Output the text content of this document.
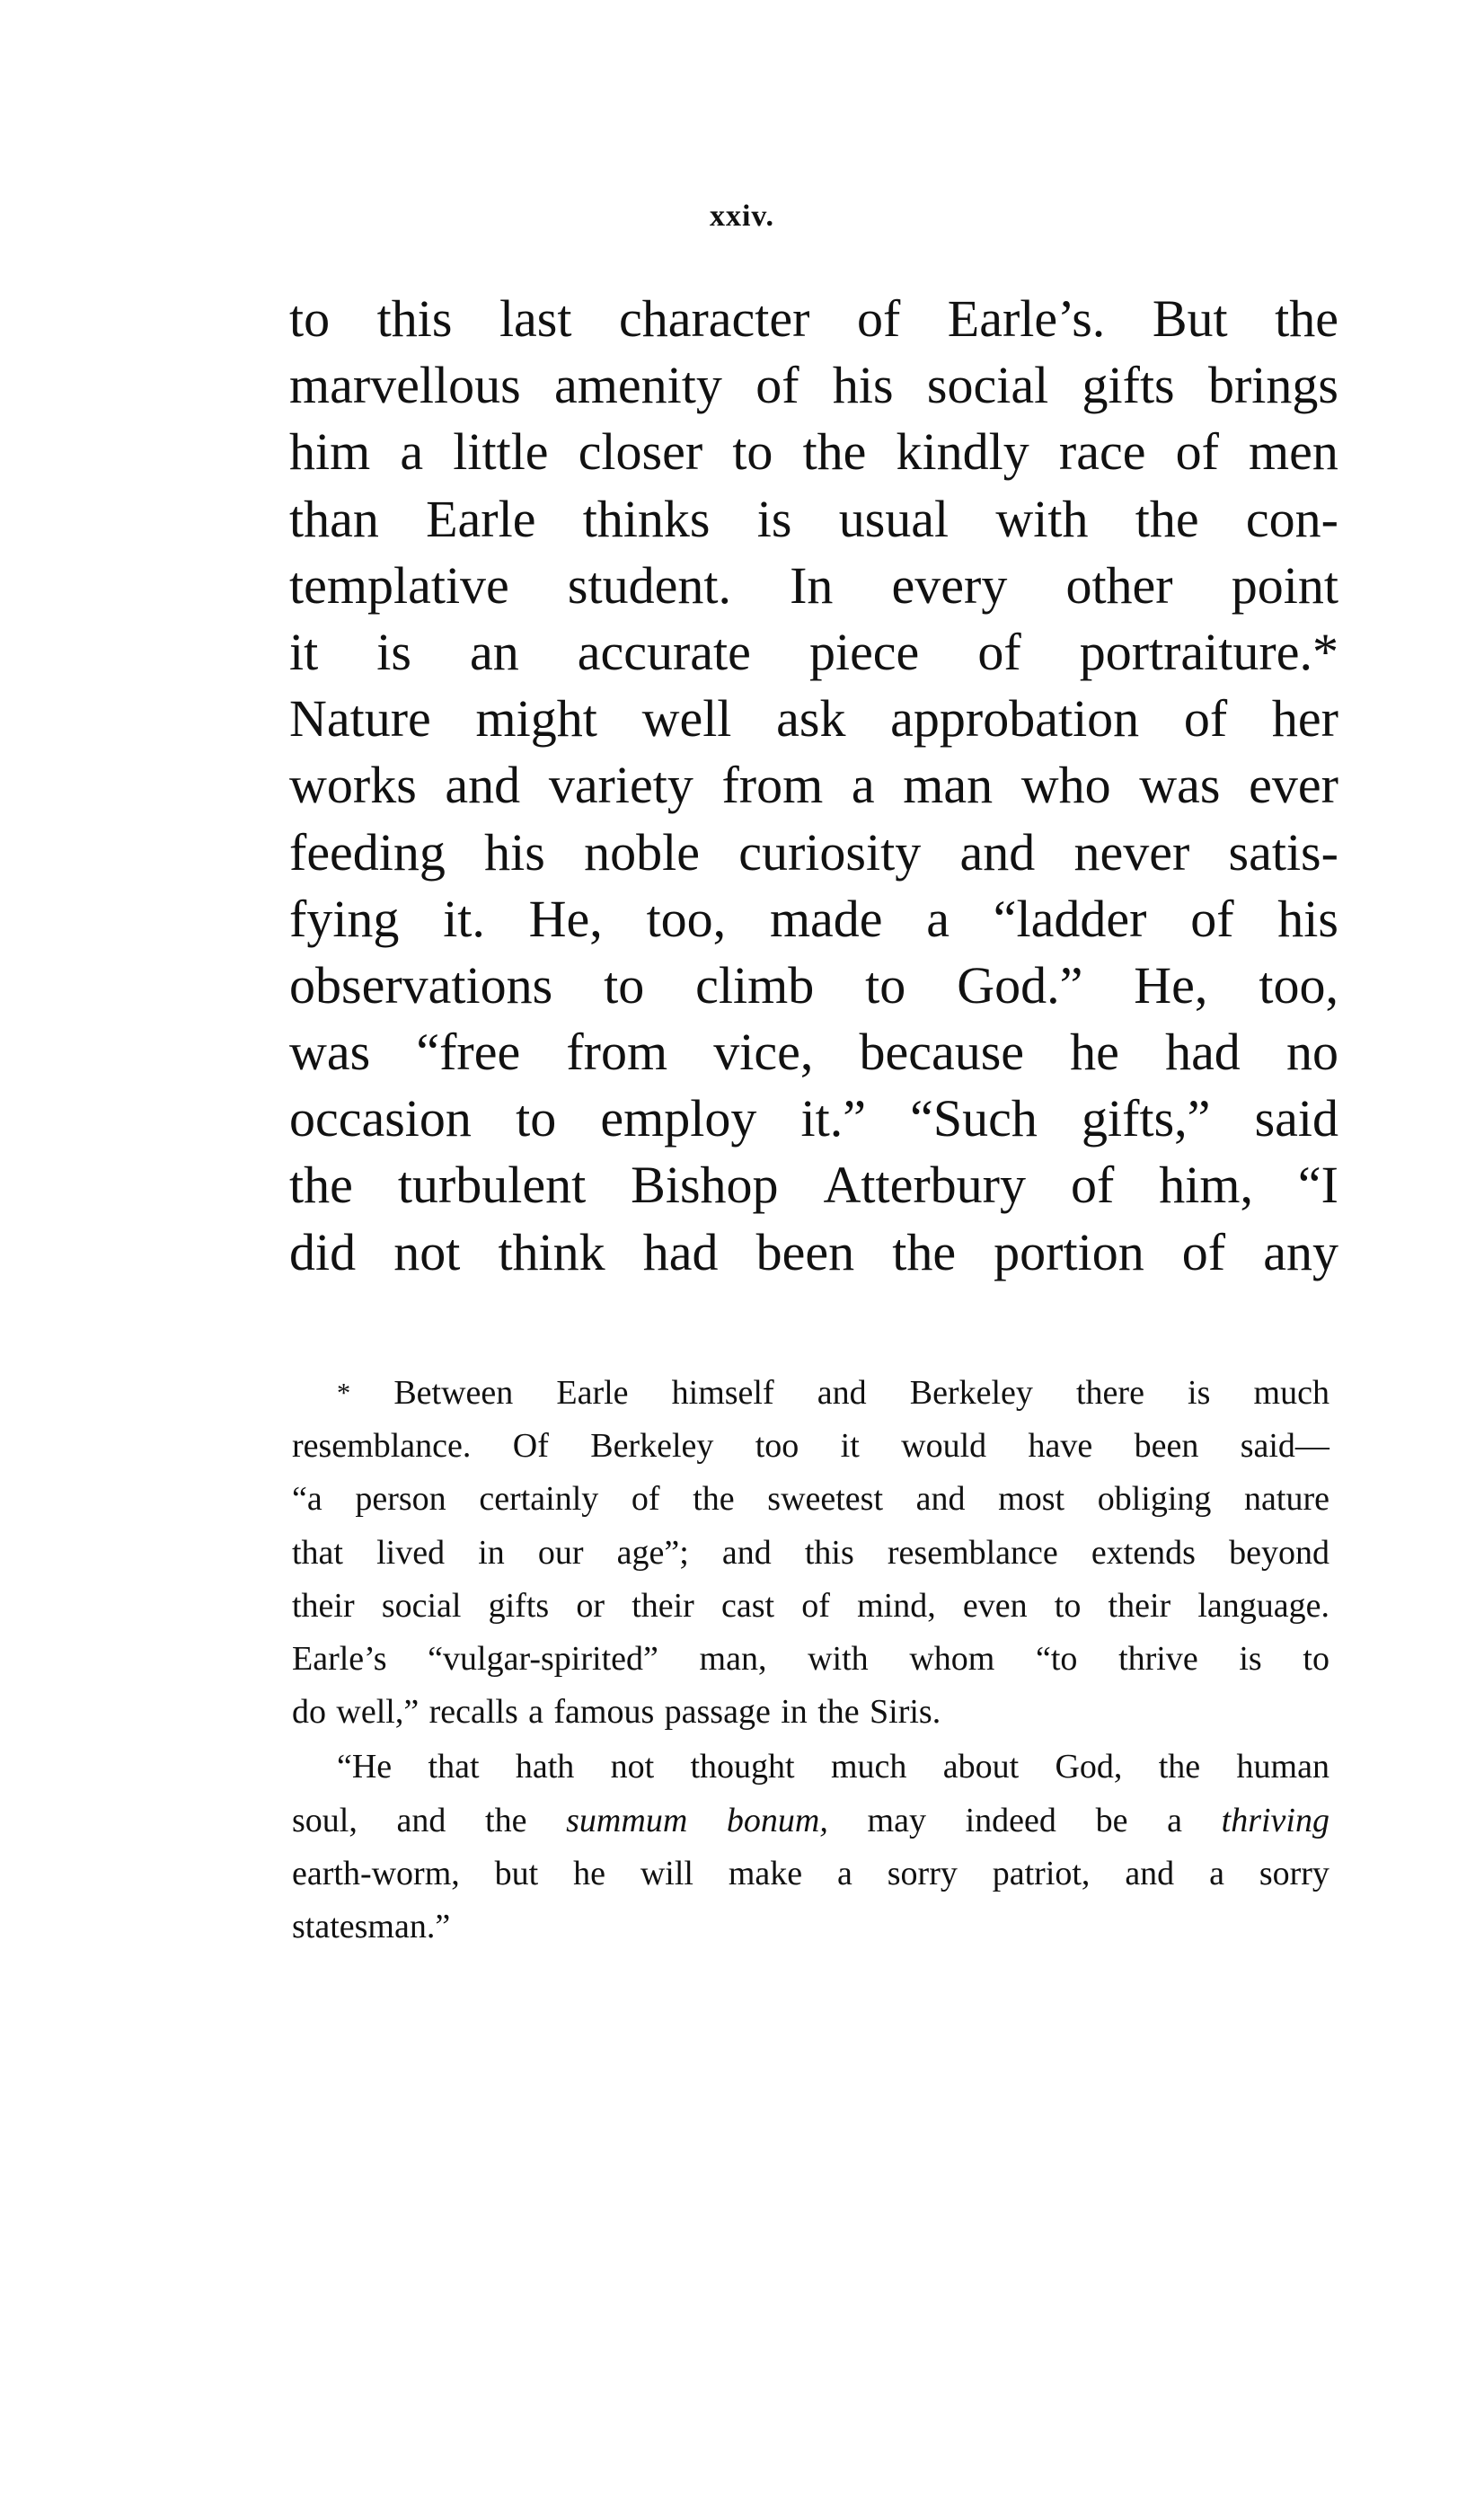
xxiv.
to this last character of Earle’s. But the
marvellous amenity of his social gifts brings
him a little closer to the kindly race of men
than Earle thinks is usual with the con-
templative student. In every other point
it is an accurate piece of portraiture.*
Nature might well ask approbation of her
works and variety from a man who was ever
feeding his noble curiosity and never satis-
fying it. He, too, made a “ladder of his
observations to climb to God.” He, too,
was “free from vice, because he had no
occasion to employ it.” “Such gifts,” said
the turbulent Bishop Atterbury of him, “I
did not think had been the portion of any
* Between Earle himself and Berkeley there is much
resemblance. Of Berkeley too it would have been said—
“a person certainly of the sweetest and most obliging nature
that lived in our age”; and this resemblance extends beyond
their social gifts or their cast of mind, even to their language.
Earle’s “vulgar-spirited” man, with whom “to thrive is to
do well,” recalls a famous passage in the Siris.
“He that hath not thought much about God, the human
soul, and the summum bonum, may indeed be a thriving
earth-worm, but he will make a sorry patriot, and a sorry
statesman.”
